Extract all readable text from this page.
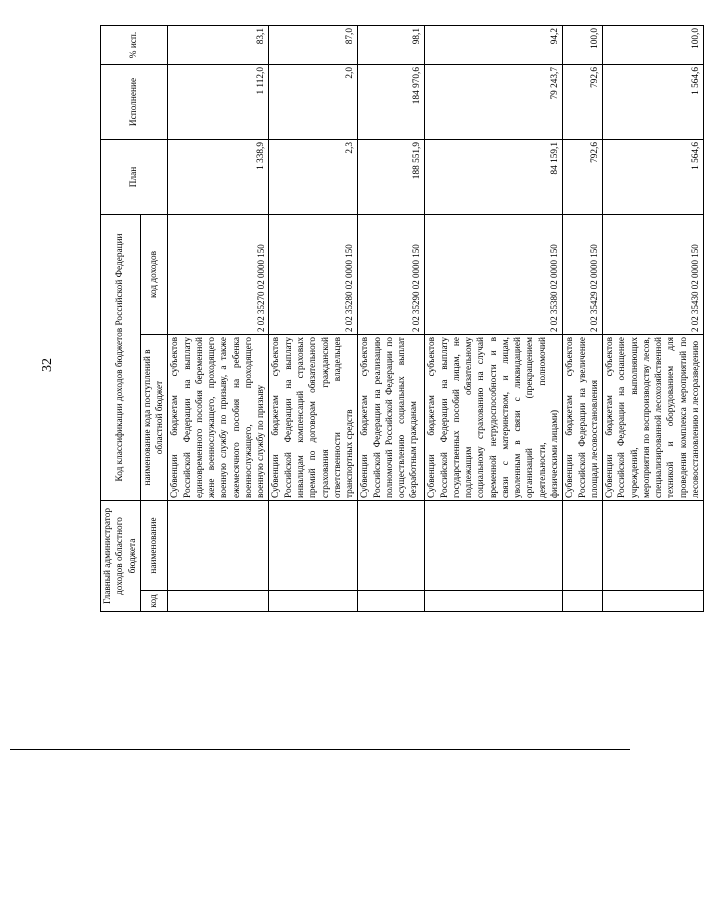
32
Главный администратор доходов областного бюджета		Код классификации доходов бюджетов Российской Федерации		План	Исполнение	% исп.
код	наименование	наименование кода поступлений в областной бюджет	код доходов			
		Субвенции бюджетам субъектов Российской Федерации на выплату единовременного пособия беременной жене военнослужащего, проходящего военную службу по призыву, а также ежемесячного пособия на ребенка военнослужащего, проходящего военную службу по призыву	2 02 35270 02 0000 150	1 338,9	1 112,0	83,1
		Субвенции бюджетам субъектов Российской Федерации на выплату инвалидам компенсаций страховых премий по договорам обязательного страхования гражданской ответственности владельцев транспортных средств	2 02 35280 02 0000 150	2,3	2,0	87,0
		Субвенции бюджетам субъектов Российской Федерации на реализацию полномочий Российской Федерации по осуществлению социальных выплат безработным гражданам	2 02 35290 02 0000 150	188 551,9	184 970,6	98,1
		Субвенции бюджетам субъектов Российской Федерации на выплату государственных пособий лицам, не подлежащим обязательному социальному страхованию на случай временной нетрудоспособности и в связи с материнством, и лицам, уволенным в связи с ликвидацией организаций (прекращением деятельности, полномочий физическими лицами)	2 02 35380 02 0000 150	84 159,1	79 243,7	94,2
		Субвенции бюджетам субъектов Российской Федерации на увеличение площади лесовосстановления	2 02 35429 02 0000 150	792,6	792,6	100,0
		Субвенции бюджетам субъектов Российской Федерации на оснащение учреждений, выполняющих мероприятия по воспроизводству лесов, специализированной лесохозяйственной техникой и оборудованием для проведения комплекса мероприятий по лесовосстановлению и лесоразведению	2 02 35430 02 0000 150	1 564,6	1 564,6	100,0
